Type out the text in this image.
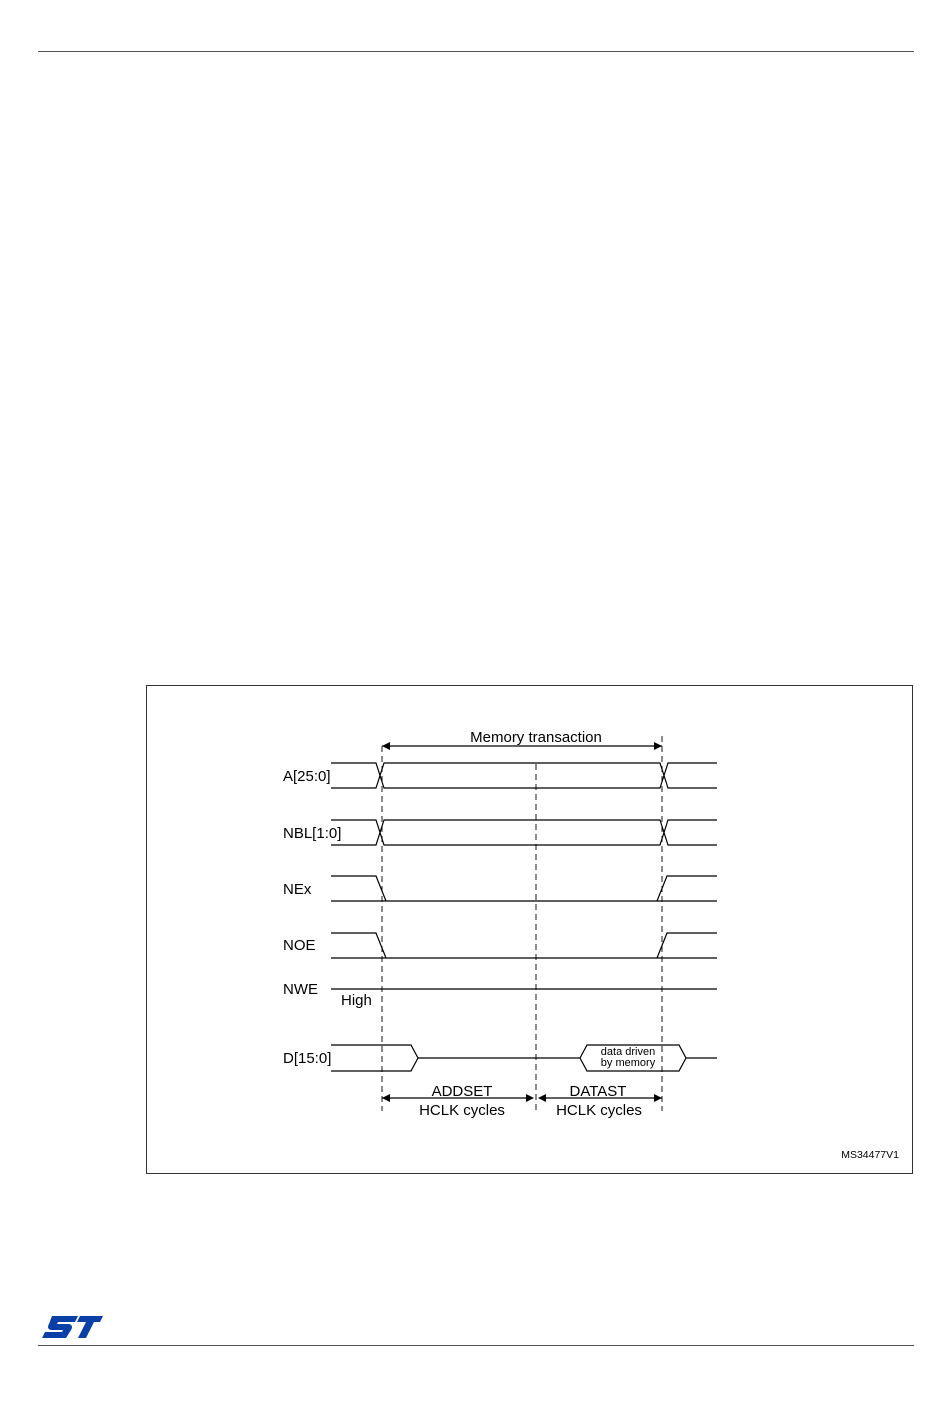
Memory transaction
A[25:0]
NBL[1:0]
NEx
NOE
NWE
High
D[15:0]	data driven
by memory
ADDSET
HCLK cycles
DATAST
HCLK cycles
MS34477V1
